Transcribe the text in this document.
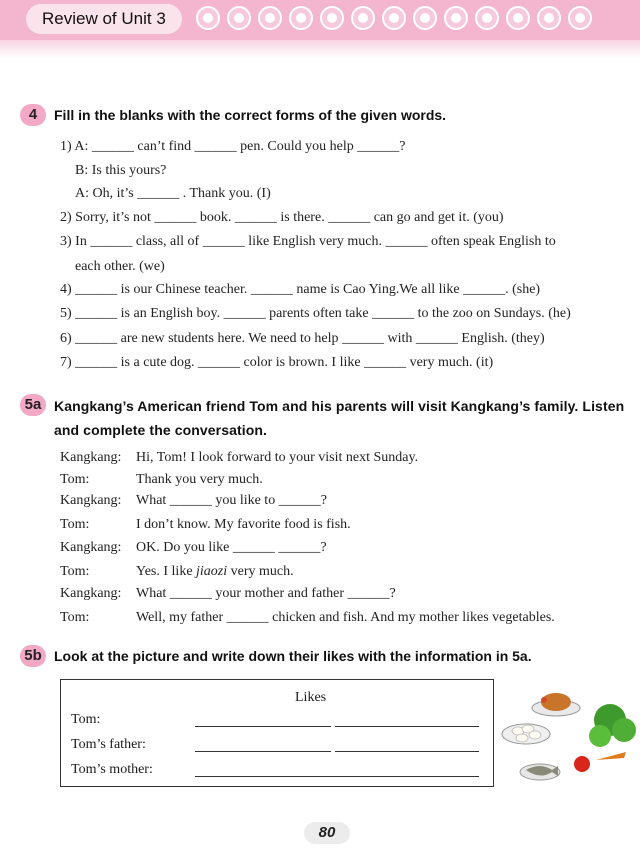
Review of Unit 3
4	Fill in the blanks with the correct forms of the given words.
1) A: ______ can’t find ______ pen. Could you help ______?
B: Is this yours?
A: Oh, it’s ______ . Thank you. (I)
2) Sorry, it’s not ______ book. ______ is there. ______ can go and get it. (you)
3) In ______ class, all of ______ like English very much. ______ often speak English to
each other. (we)
4) ______ is our Chinese teacher. ______ name is Cao Ying.We all like ______. (she)
5) ______ is an English boy. ______ parents often take ______ to the zoo on Sundays. (he)
6) ______ are new students here. We need to help ______ with ______ English. (they)
7) ______ is a cute dog. ______ color is brown. I like ______ very much. (it)
5a Kangkang’s American friend Tom and his parents will visit Kangkang’s family. Listen and complete the conversation.
Kangkang: Hi, Tom! I look forward to your visit next Sunday.
Tom:	Thank you very much.
Kangkang: What ______ you like to ______?
Tom:	I don’t know. My favorite food is fish.
Kangkang: OK. Do you like ______ ______?
Tom:	Yes. I like jiaozi very much.
Kangkang: What ______ your mother and father ______?
Tom:	Well, my father ______ chicken and fish. And my mother likes vegetables.
5b Look at the picture and write down their likes with the information in 5a.
Likes
Tom:
Tom’s father:
Tom’s mother:
80
